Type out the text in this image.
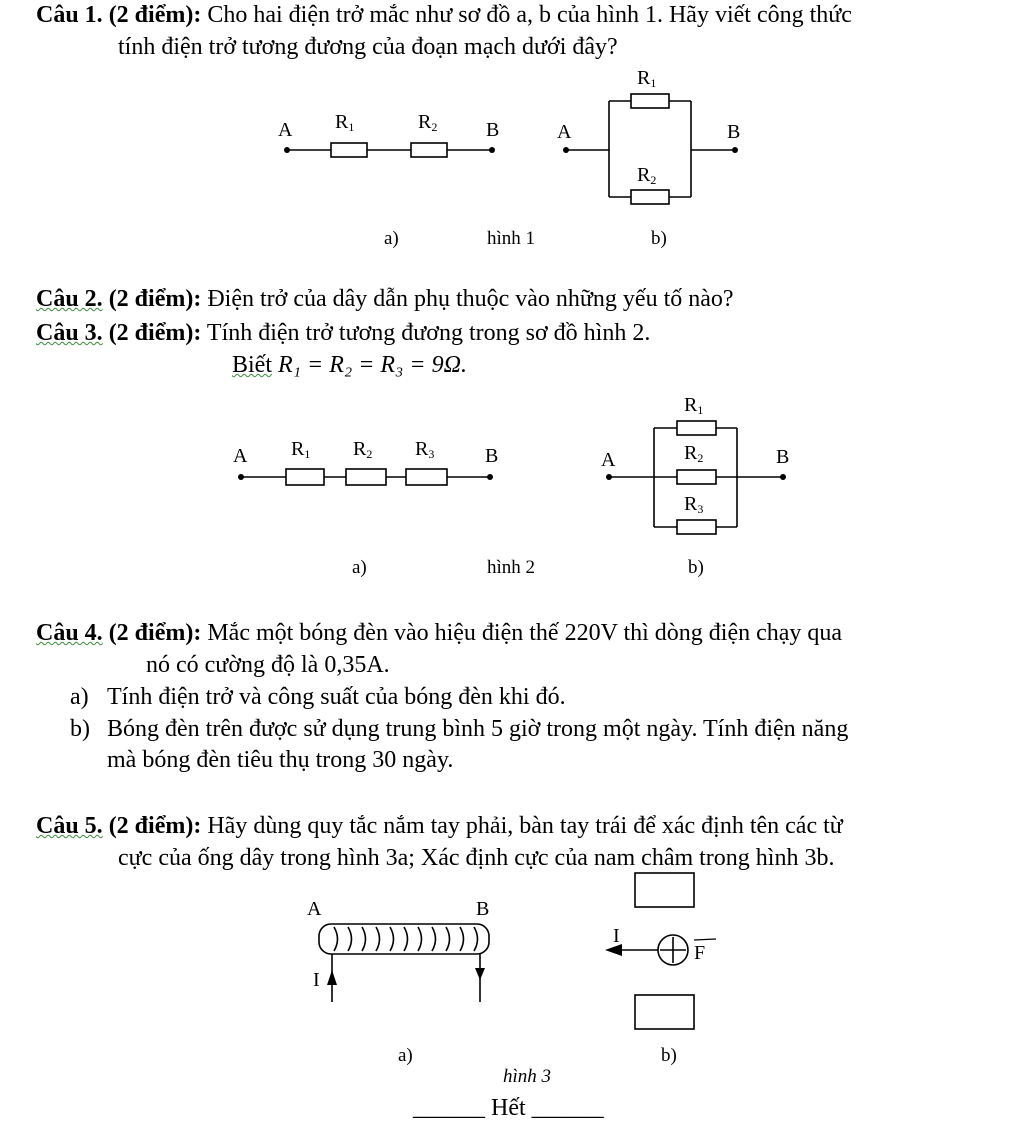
Câu 1. (2 điểm): Cho hai điện trở mắc như sơ đồ a, b của hình 1. Hãy viết công thức
tính điện trở tương đương của đoạn mạch dưới đây?
A R1	R2 B	A
R1
R2
B
a)	hình 1	b)
Câu 2. (2 điểm): Điện trở của dây dẫn phụ thuộc vào những yếu tố nào?
Câu 3. (2 điểm): Tính điện trở tương đương trong sơ đồ hình 2.
Biết R₁ = R₂ = R₃ = 9Ω.
A R1 R2 R3	B	A
R1
R2
R3
B
a)	hình 2	b)
Câu 4. (2 điểm): Mắc một bóng đèn vào hiệu điện thế 220V thì dòng điện chạy qua
nó có cường độ là 0,35A.
a) Tính điện trở và công suất của bóng đèn khi đó.
b) Bóng đèn trên được sử dụng trung bình 5 giờ trong một ngày. Tính điện năng
mà bóng đèn tiêu thụ trong 30 ngày.
Câu 5. (2 điểm): Hãy dùng quy tắc nắm tay phải, bàn tay trái để xác định tên các từ
cực của ống dây trong hình 3a; Xác định cực của nam châm trong hình 3b.
A	B
I
I
F
a)	b)
hình 3
______ Hết ______
